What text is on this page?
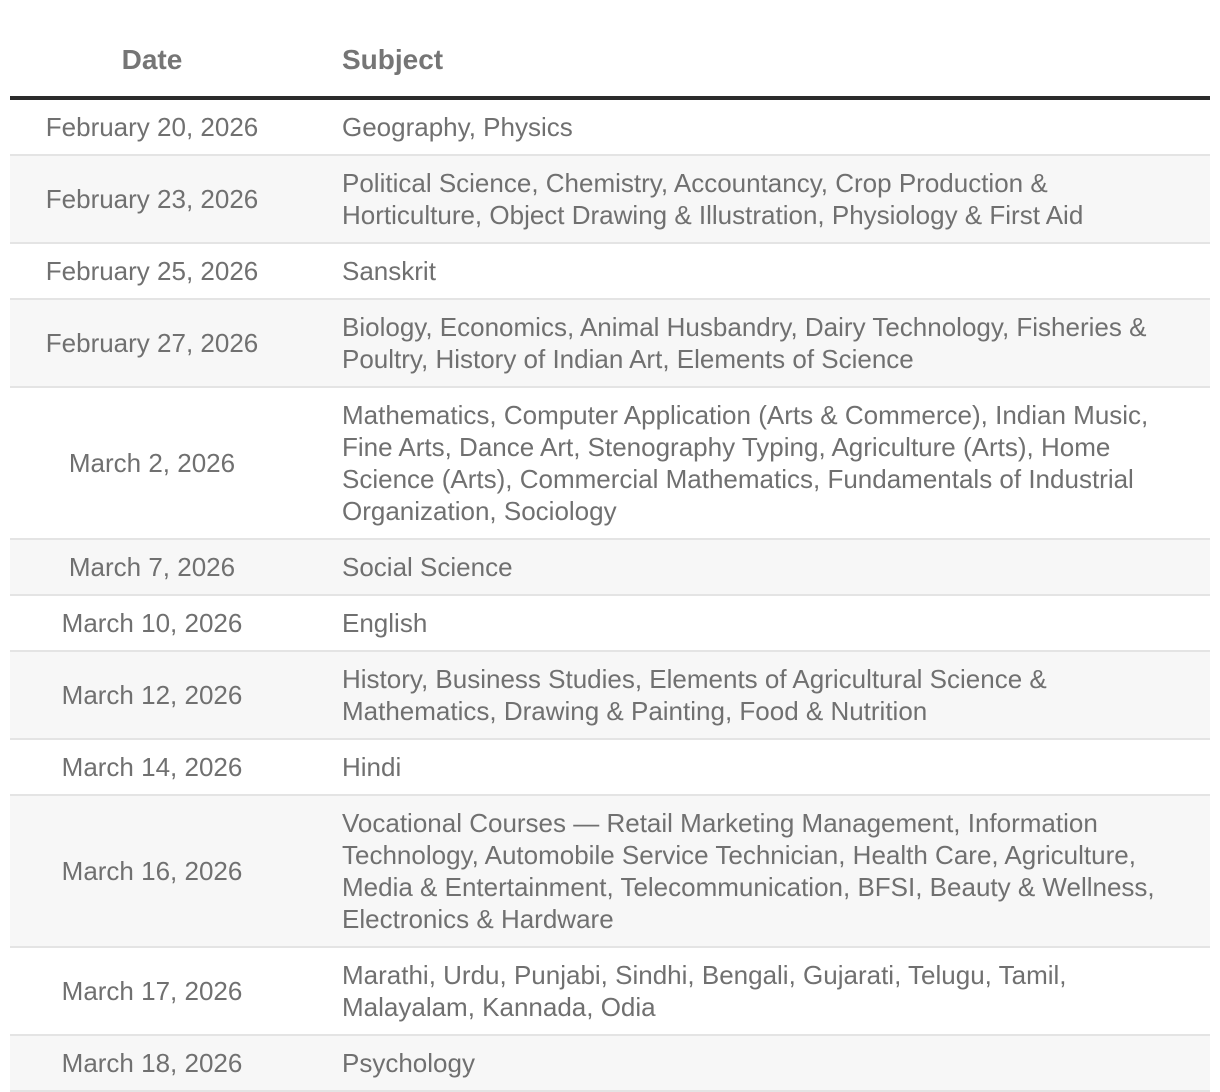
Date	Subject
February 20, 2026	Geography, Physics
February 23, 2026	Political Science, Chemistry, Accountancy, Crop Production & Horticulture, Object Drawing & Illustration, Physiology & First Aid
February 25, 2026	Sanskrit
February 27, 2026	Biology, Economics, Animal Husbandry, Dairy Technology, Fisheries & Poultry, History of Indian Art, Elements of Science
March 2, 2026	Mathematics, Computer Application (Arts & Commerce), Indian Music, Fine Arts, Dance Art, Stenography Typing, Agriculture (Arts), Home Science (Arts), Commercial Mathematics, Fundamentals of Industrial Organization, Sociology
March 7, 2026	Social Science
March 10, 2026	English
March 12, 2026	History, Business Studies, Elements of Agricultural Science & Mathematics, Drawing & Painting, Food & Nutrition
March 14, 2026	Hindi
March 16, 2026	Vocational Courses — Retail Marketing Management, Information Technology, Automobile Service Technician, Health Care, Agriculture, Media & Entertainment, Telecommunication, BFSI, Beauty & Wellness, Electronics & Hardware
March 17, 2026	Marathi, Urdu, Punjabi, Sindhi, Bengali, Gujarati, Telugu, Tamil, Malayalam, Kannada, Odia
March 18, 2026	Psychology
